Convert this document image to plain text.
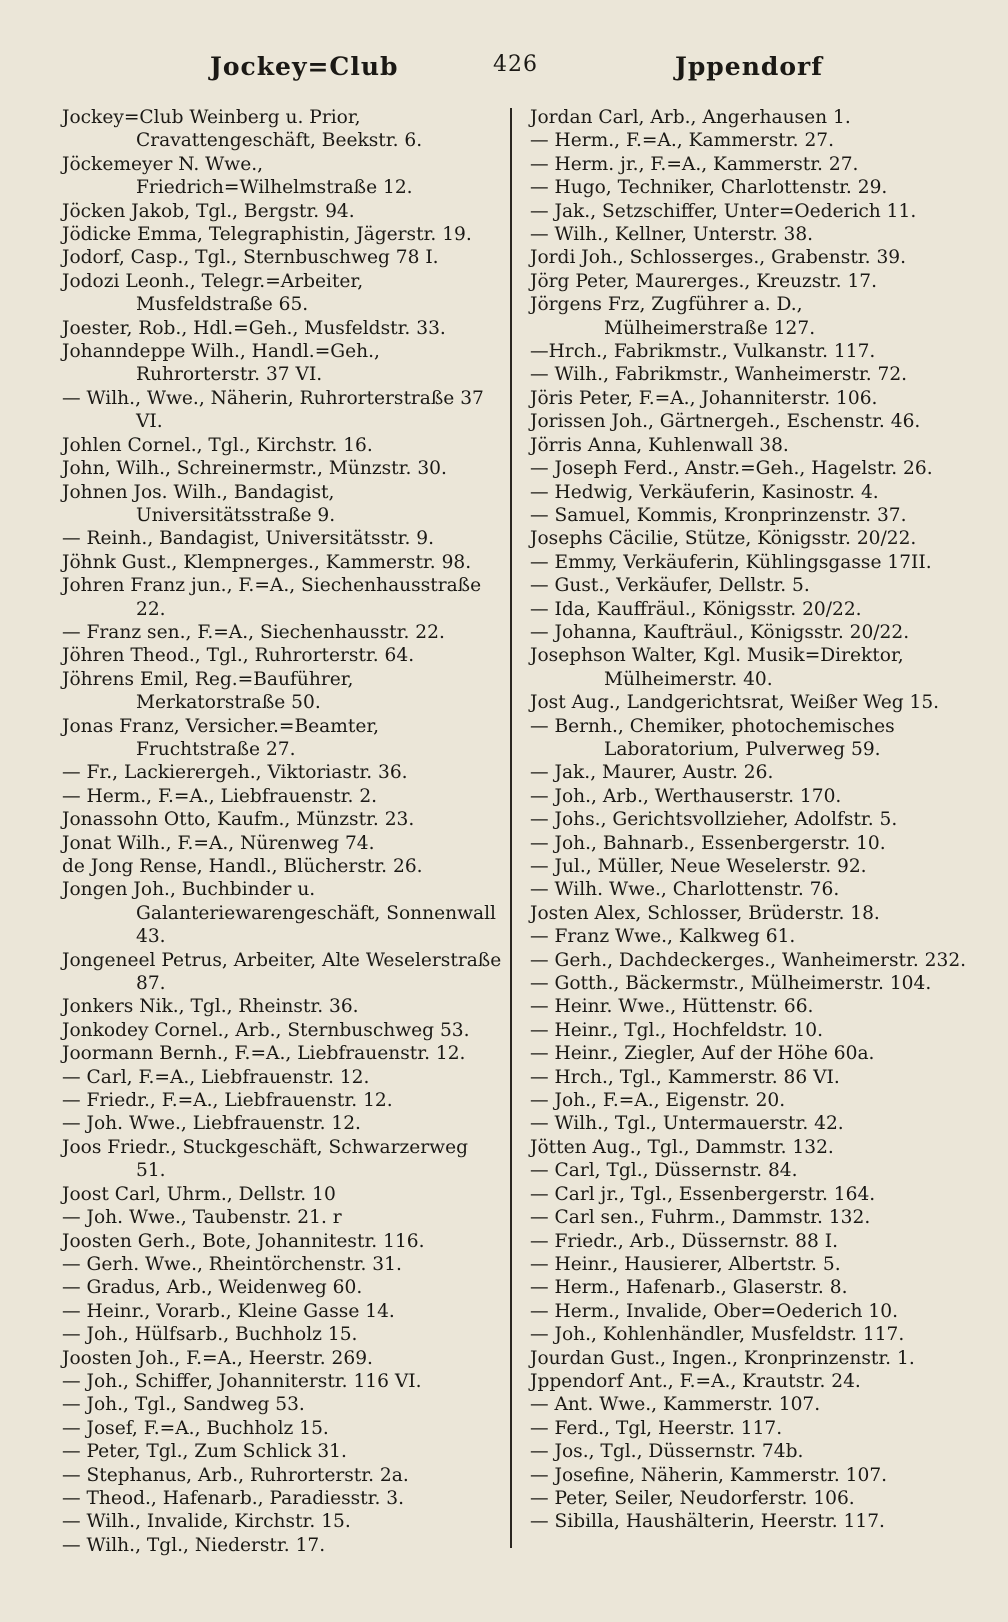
Jockey=Club	426	Jppendorf
Jockey=Club Weinberg u. Prior, Cravattengeschäft, Beekstr. 6.
Jöckemeyer N. Wwe., Friedrich=Wilhelmstraße 12.
Jöcken Jakob, Tgl., Bergstr. 94.
Jödicke Emma, Telegraphistin, Jägerstr. 19.
Jodorf, Casp., Tgl., Sternbuschweg 78 I.
Jodozi Leonh., Telegr.=Arbeiter, Musfeldstraße 65.
Joester, Rob., Hdl.=Geh., Musfeldstr. 33.
Johanndeppe Wilh., Handl.=Geh., Ruhrorterstr. 37 VI.
— Wilh., Wwe., Näherin, Ruhrorterstraße 37 VI.
Johlen Cornel., Tgl., Kirchstr. 16.
John, Wilh., Schreinermstr., Münzstr. 30.
Johnen Jos. Wilh., Bandagist, Universitätsstraße 9.
— Reinh., Bandagist, Universitätsstr. 9.
Jöhnk Gust., Klempnerges., Kammerstr. 98.
Johren Franz jun., F.=A., Siechenhausstraße 22.
— Franz sen., F.=A., Siechenhausstr. 22.
Jöhren Theod., Tgl., Ruhrorterstr. 64.
Jöhrens Emil, Reg.=Bauführer, Merkatorstraße 50.
Jonas Franz, Versicher.=Beamter, Fruchtstraße 27.
— Fr., Lackierergeh., Viktoriastr. 36.
— Herm., F.=A., Liebfrauenstr. 2.
Jonassohn Otto, Kaufm., Münzstr. 23.
Jonat Wilh., F.=A., Nürenweg 74.
de Jong Rense, Handl., Blücherstr. 26.
Jongen Joh., Buchbinder u. Galanteriewarengeschäft, Sonnenwall 43.
Jongeneel Petrus, Arbeiter, Alte Weselerstraße 87.
Jonkers Nik., Tgl., Rheinstr. 36.
Jonkodey Cornel., Arb., Sternbuschweg 53.
Joormann Bernh., F.=A., Liebfrauenstr. 12.
— Carl, F.=A., Liebfrauenstr. 12.
— Friedr., F.=A., Liebfrauenstr. 12.
— Joh. Wwe., Liebfrauenstr. 12.
Joos Friedr., Stuckgeschäft, Schwarzerweg 51.
Joost Carl, Uhrm., Dellstr. 10
— Joh. Wwe., Taubenstr. 21. r
Joosten Gerh., Bote, Johannitestr. 116.
— Gerh. Wwe., Rheintörchenstr. 31.
— Gradus, Arb., Weidenweg 60.
— Heinr., Vorarb., Kleine Gasse 14.
— Joh., Hülfsarb., Buchholz 15.
Joosten Joh., F.=A., Heerstr. 269.
— Joh., Schiffer, Johanniterstr. 116 VI.
— Joh., Tgl., Sandweg 53.
— Josef, F.=A., Buchholz 15.
— Peter, Tgl., Zum Schlick 31.
— Stephanus, Arb., Ruhrorterstr. 2a.
— Theod., Hafenarb., Paradiesstr. 3.
— Wilh., Invalide, Kirchstr. 15.
— Wilh., Tgl., Niederstr. 17.
Jordan Carl, Arb., Angerhausen 1.
— Herm., F.=A., Kammerstr. 27.
— Herm. jr., F.=A., Kammerstr. 27.
— Hugo, Techniker, Charlottenstr. 29.
— Jak., Setzschiffer, Unter=Oederich 11.
— Wilh., Kellner, Unterstr. 38.
Jordi Joh., Schlosserges., Grabenstr. 39.
Jörg Peter, Maurerges., Kreuzstr. 17.
Jörgens Frz, Zugführer a. D., Mülheimerstraße 127.
—Hrch., Fabrikmstr., Vulkanstr. 117.
— Wilh., Fabrikmstr., Wanheimerstr. 72.
Jöris Peter, F.=A., Johanniterstr. 106.
Jorissen Joh., Gärtnergeh., Eschenstr. 46.
Jörris Anna, Kuhlenwall 38.
— Joseph Ferd., Anstr.=Geh., Hagelstr. 26.
— Hedwig, Verkäuferin, Kasinostr. 4.
— Samuel, Kommis, Kronprinzenstr. 37.
Josephs Cäcilie, Stütze, Königsstr. 20/22.
— Emmy, Verkäuferin, Kühlingsgasse 17II.
— Gust., Verkäufer, Dellstr. 5.
— Ida, Kauffräul., Königsstr. 20/22.
— Johanna, Kaufträul., Königsstr. 20/22.
Josephson Walter, Kgl. Musik=Direktor, Mülheimerstr. 40.
Jost Aug., Landgerichtsrat, Weißer Weg 15.
— Bernh., Chemiker, photochemisches Laboratorium, Pulverweg 59.
— Jak., Maurer, Austr. 26.
— Joh., Arb., Werthauserstr. 170.
— Johs., Gerichtsvollzieher, Adolfstr. 5.
— Joh., Bahnarb., Essenbergerstr. 10.
— Jul., Müller, Neue Weselerstr. 92.
— Wilh. Wwe., Charlottenstr. 76.
Josten Alex, Schlosser, Brüderstr. 18.
— Franz Wwe., Kalkweg 61.
— Gerh., Dachdeckerges., Wanheimerstr. 232.
— Gotth., Bäckermstr., Mülheimerstr. 104.
— Heinr. Wwe., Hüttenstr. 66.
— Heinr., Tgl., Hochfeldstr. 10.
— Heinr., Ziegler, Auf der Höhe 60a.
— Hrch., Tgl., Kammerstr. 86 VI.
— Joh., F.=A., Eigenstr. 20.
— Wilh., Tgl., Untermauerstr. 42.
Jötten Aug., Tgl., Dammstr. 132.
— Carl, Tgl., Düssernstr. 84.
— Carl jr., Tgl., Essenbergerstr. 164.
— Carl sen., Fuhrm., Dammstr. 132.
— Friedr., Arb., Düssernstr. 88 I.
— Heinr., Hausierer, Albertstr. 5.
— Herm., Hafenarb., Glaserstr. 8.
— Herm., Invalide, Ober=Oederich 10.
— Joh., Kohlenhändler, Musfeldstr. 117.
Jourdan Gust., Ingen., Kronprinzenstr. 1.
Jppendorf Ant., F.=A., Krautstr. 24.
— Ant. Wwe., Kammerstr. 107.
— Ferd., Tgl, Heerstr. 117.
— Jos., Tgl., Düssernstr. 74b.
— Josefine, Näherin, Kammerstr. 107.
— Peter, Seiler, Neudorferstr. 106.
— Sibilla, Haushälterin, Heerstr. 117.
